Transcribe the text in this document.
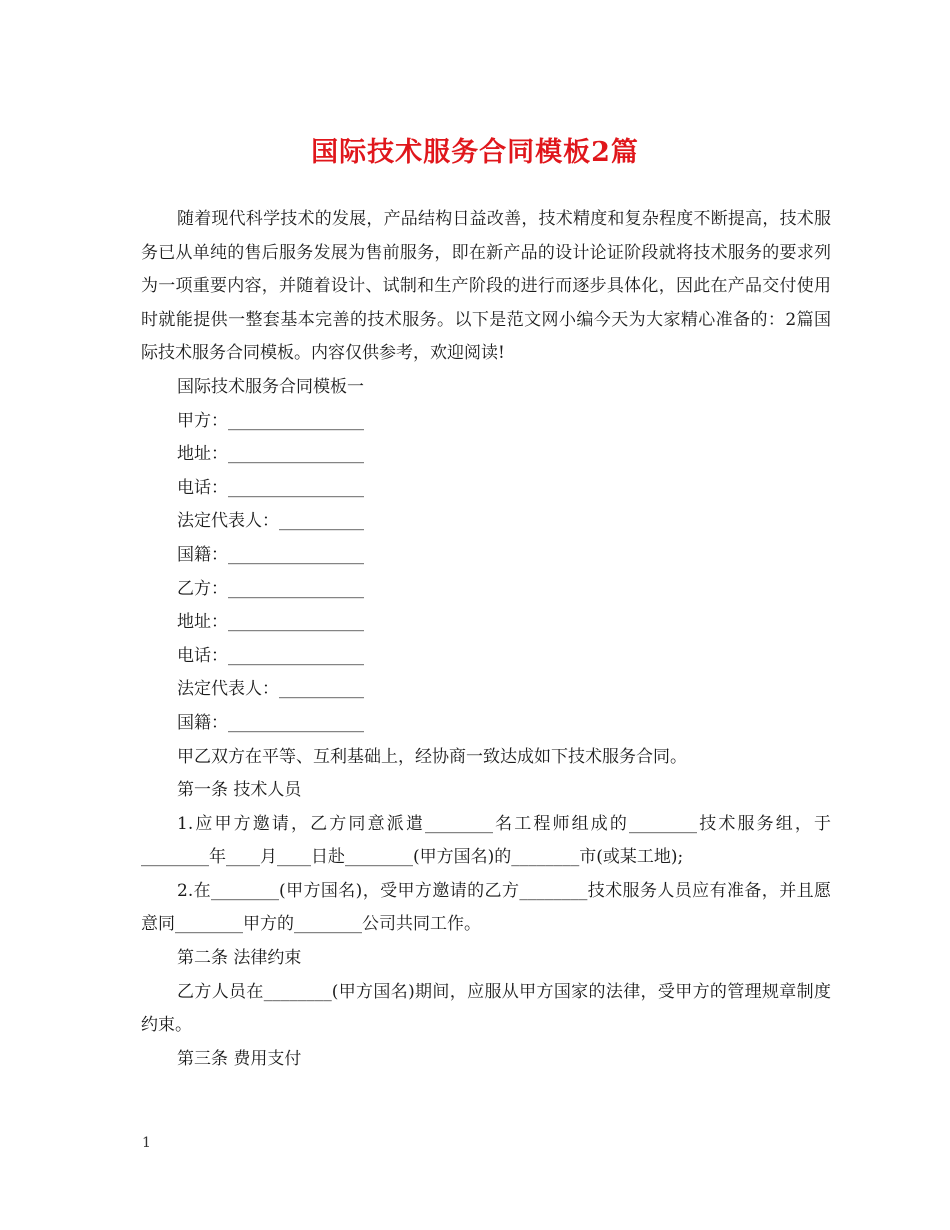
国际技术服务合同模板2篇

随着现代科学技术的发展，产品结构日益改善，技术精度和复杂程度不断提高，技术服务已从单纯的售后服务发展为售前服务，即在新产品的设计论证阶段就将技术服务的要求列为一项重要内容，并随着设计、试制和生产阶段的进行而逐步具体化，因此在产品交付使用时就能提供一整套基本完善的技术服务。以下是范文网小编今天为大家精心准备的：2篇国际技术服务合同模板。内容仅供参考，欢迎阅读!

国际技术服务合同模板一

甲方：________________

地址：________________

电话：________________

法定代表人：__________

国籍：________________

乙方：________________

地址：________________

电话：________________

法定代表人：__________

国籍：________________

甲乙双方在平等、互利基础上，经协商一致达成如下技术服务合同。

第一条 技术人员

1.应甲方邀请，乙方同意派遣________名工程师组成的________技术服务组，于________年____月____日赴________(甲方国名)的________市(或某工地);

2.在________(甲方国名)，受甲方邀请的乙方________技术服务人员应有准备，并且愿意同________甲方的________公司共同工作。

第二条 法律约束

乙方人员在________(甲方国名)期间，应服从甲方国家的法律，受甲方的管理规章制度约束。

第三条 费用支付

1
